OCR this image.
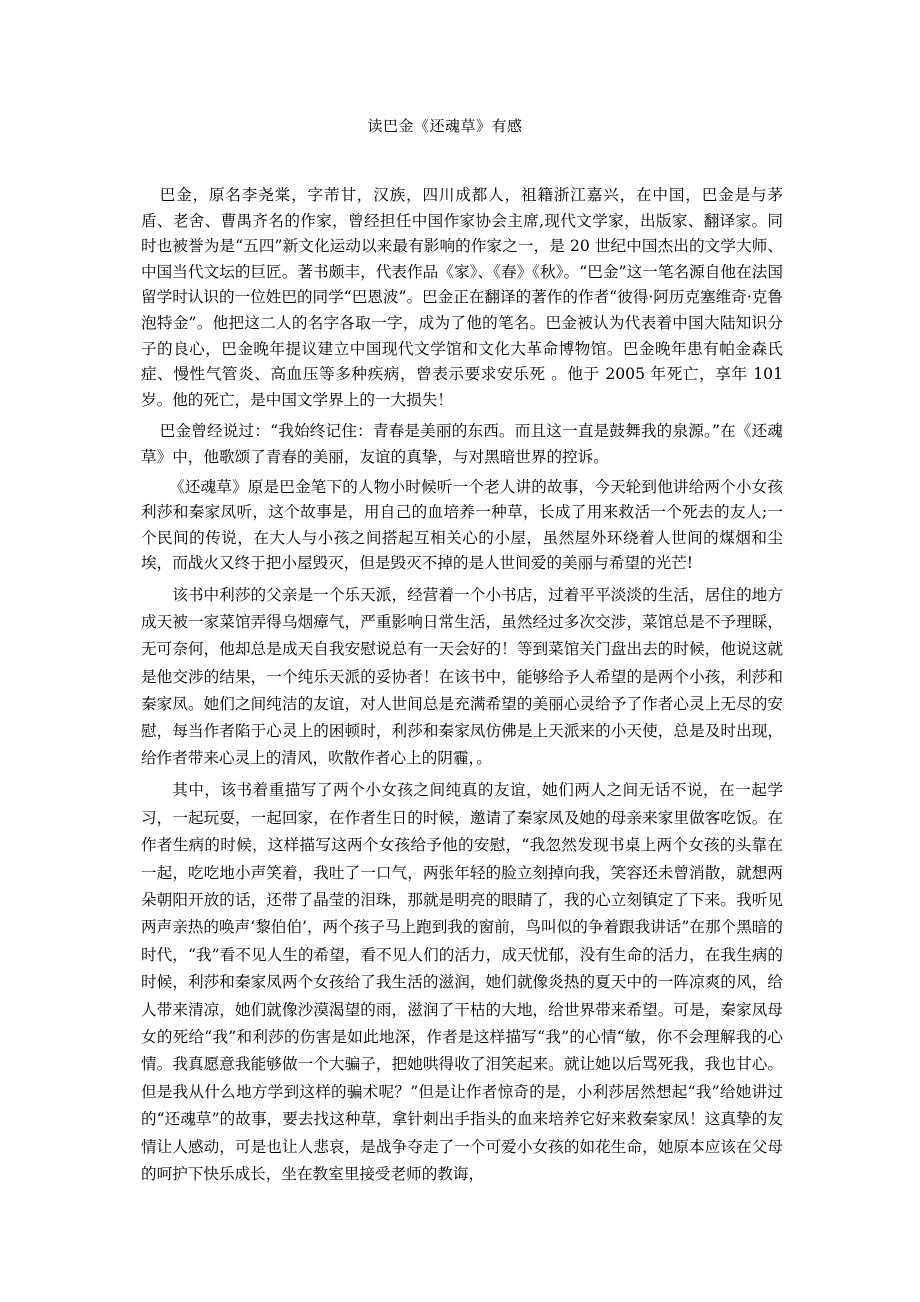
读巴金《还魂草》有感

巴金，原名李尧棠，字芾甘，汉族，四川成都人，祖籍浙江嘉兴，在中国，巴金是与茅盾、老舍、曹禺齐名的作家，曾经担任中国作家协会主席,现代文学家，出版家、翻译家。同时也被誉为是“五四”新文化运动以来最有影响的作家之一，是 20 世纪中国杰出的文学大师、中国当代文坛的巨匠。著书颇丰，代表作品《家》、《春》《秋》。“巴金”这一笔名源自他在法国留学时认识的一位姓巴的同学“巴恩波”。巴金正在翻译的著作的作者“彼得·阿历克塞维奇·克鲁泡特金”。他把这二人的名字各取一字，成为了他的笔名。巴金被认为代表着中国大陆知识分子的良心，巴金晚年提议建立中国现代文学馆和文化大革命博物馆。巴金晚年患有帕金森氏症、慢性气管炎、高血压等多种疾病，曾表示要求安乐死 。他于 2005 年死亡，享年 101 岁。他的死亡，是中国文学界上的一大损失！

巴金曾经说过：“我始终记住：青春是美丽的东西。而且这一直是鼓舞我的泉源。”在《还魂草》中，他歌颂了青春的美丽，友谊的真挚，与对黑暗世界的控诉。

《还魂草》原是巴金笔下的人物小时候听一个老人讲的故事，今天轮到他讲给两个小女孩利莎和秦家凤听，这个故事是，用自己的血培养一种草，长成了用来救活一个死去的友人;一个民间的传说，在大人与小孩之间搭起互相关心的小屋，虽然屋外环绕着人世间的煤烟和尘埃，而战火又终于把小屋毁灭，但是毁灭不掉的是人世间爱的美丽与希望的光芒!

该书中利莎的父亲是一个乐天派，经营着一个小书店，过着平平淡淡的生活，居住的地方成天被一家菜馆弄得乌烟瘴气，严重影响日常生活，虽然经过多次交涉，菜馆总是不予理睬，无可奈何，他却总是成天自我安慰说总有一天会好的！等到菜馆关门盘出去的时候，他说这就是他交涉的结果，一个纯乐天派的妥协者！在该书中，能够给予人希望的是两个小孩，利莎和秦家凤。她们之间纯洁的友谊，对人世间总是充满希望的美丽心灵给予了作者心灵上无尽的安慰，每当作者陷于心灵上的困顿时，利莎和秦家凤仿佛是上天派来的小天使，总是及时出现，给作者带来心灵上的清风，吹散作者心上的阴霾，。

其中，该书着重描写了两个小女孩之间纯真的友谊，她们两人之间无话不说，在一起学习，一起玩耍，一起回家，在作者生日的时候，邀请了秦家凤及她的母亲来家里做客吃饭。在作者生病的时候，这样描写这两个女孩给予他的安慰，“我忽然发现书桌上两个女孩的头靠在一起，吃吃地小声笑着，我吐了一口气，两张年轻的脸立刻掉向我，笑容还未曾消散，就想两朵朝阳开放的话，还带了晶莹的泪珠，那就是明亮的眼睛了，我的心立刻镇定了下来。我听见两声亲热的唤声‘黎伯伯’，两个孩子马上跑到我的窗前，鸟叫似的争着跟我讲话”在那个黑暗的时代，“我”看不见人生的希望，看不见人们的活力，成天忧郁，没有生命的活力，在我生病的时候，利莎和秦家凤两个女孩给了我生活的滋润，她们就像炎热的夏天中的一阵凉爽的风，给人带来清凉，她们就像沙漠渴望的雨，滋润了干枯的大地，给世界带来希望。可是，秦家凤母女的死给“我”和利莎的伤害是如此地深，作者是这样描写“我”的心情“敏，你不会理解我的心情。我真愿意我能够做一个大骗子，把她哄得收了泪笑起来。就让她以后骂死我，我也甘心。但是我从什么地方学到这样的骗术呢？”但是让作者惊奇的是，小利莎居然想起“我”给她讲过的“还魂草”的故事，要去找这种草，拿针刺出手指头的血来培养它好来救秦家凤！这真挚的友情让人感动，可是也让人悲哀，是战争夺走了一个可爱小女孩的如花生命，她原本应该在父母的呵护下快乐成长，坐在教室里接受老师的教诲，
